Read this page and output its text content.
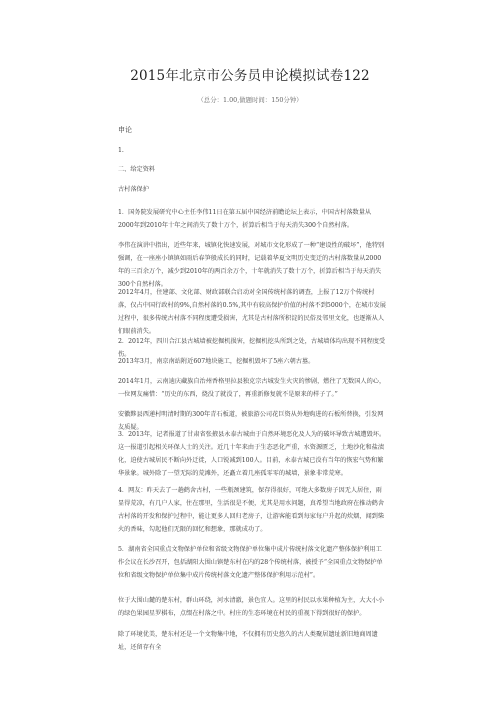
2015年北京市公务员申论模拟试卷122
（总分：1.00,做题时间：150分钟）
申论
1.
二、给定资料
古村落保护

1．国务院发展研究中心主任李伟11日在第五届中国经济前瞻论坛上表示，中国古村落数量从2000年到2010年十年之间消失了数十万个，折算后相当于每天消失300个自然村落。

李伟在演讲中指出，近些年来，城镇化快速发展，对城市文化形成了一种“建设性的破坏”，他特别强调，在一座座小镇镇如雨后春笋般成长的同时，记载着华夏文明历史变迁的古村落数量从2000年的三百余万个，减少到2010年的两百余万个，十年就消失了数十万个，折算后相当于每天消失300个自然村落。

2012年4月，住建部、文化部、财政部联合启动对全国传统村落的调查，上报了12万个传统村落，仅占中国行政村的9%,自然村落的0.5%,其中有较高保护价值的村落不到5000个，在城市发展过程中，很多传统古村落不同程度遭受损害，尤其是古村落所积淀的民俗及邻里文化，也逐渐从人们眼前消失。

2．2012年，四川合江县古城墙被挖掘机损害，挖掘机挖头所到之处，古城墙体均出现不同程度受伤。

2013年3月，南京南站附近607地块施工，挖掘机毁坏了5座六朝古墓。

2014年1月，云南迪庆藏族自治州香格里拉县独克宗古城发生火灾的惨剧，燃往了无数国人的心，一位网友痛惜：“历史的东西，烧没了就没了，再重新修复就不是原来的样子了。”

安徽黟县西递村明清时期的300年青石板道，被旅游公司花巨资从外地购进的石板所替换，引发网友质疑。

3．2013年，记者报道了甘肃省张掖县永泰古城由于自然环境恶化及人为的破坏导致古城遭毁坏。这一报道引起相关环保人士的关注。近几十年来由于生态恶化严重，水资源匮乏，土地沙化和盐渍化，迫使古城居民不断向外迁徙，人口锐减到100人。目前，永泰古城已没有当年的恢宏气势和繁华景象。城外除了一望无际的荒滩外，还矗立着几座孤零零的城墙，景象非常荒寒。

4．网友：昨天去了一趟鹤舍古村，一些瓶颈建筑，保存得很好，可绝大多数房子因无人居住，雨显得荒凉，有几户人家，住在那里，生活很是不便，尤其是用水问题，真希望当地政府在推动鹤舍古村落的开发和保护过程中，能让更多人回归老房子，让游客能看到每家每户升起的炊烟，闻到柴火的香味，勾起他们无限的回忆和想象，那就成功了。

5．湖南省全国重点文物保护单位和省级文物保护单位集中成片传统村落文化遗产整体保护利用工作会议在长沙召开，包括湖阳大围山镇楚东村在内的28个传统村落，被授予“全国重点文物保护单位和省级文物保护单位集中成片传统村落文化遗产整体保护利用示范村”。

位于大围山麓的楚东村，群山环绕，河水清澈，景色宜人。这里的村民以水果种植为主，大大小小的绿色果园星罗棋布，点缀在村落之中。村庄的生态环境在村民的重视下得到很好的保护。

除了环境优美，楚东村还是一个文物集中地，不仅拥有历史悠久的古人类聚居遗址新旧地商周遗址，还留存有全
